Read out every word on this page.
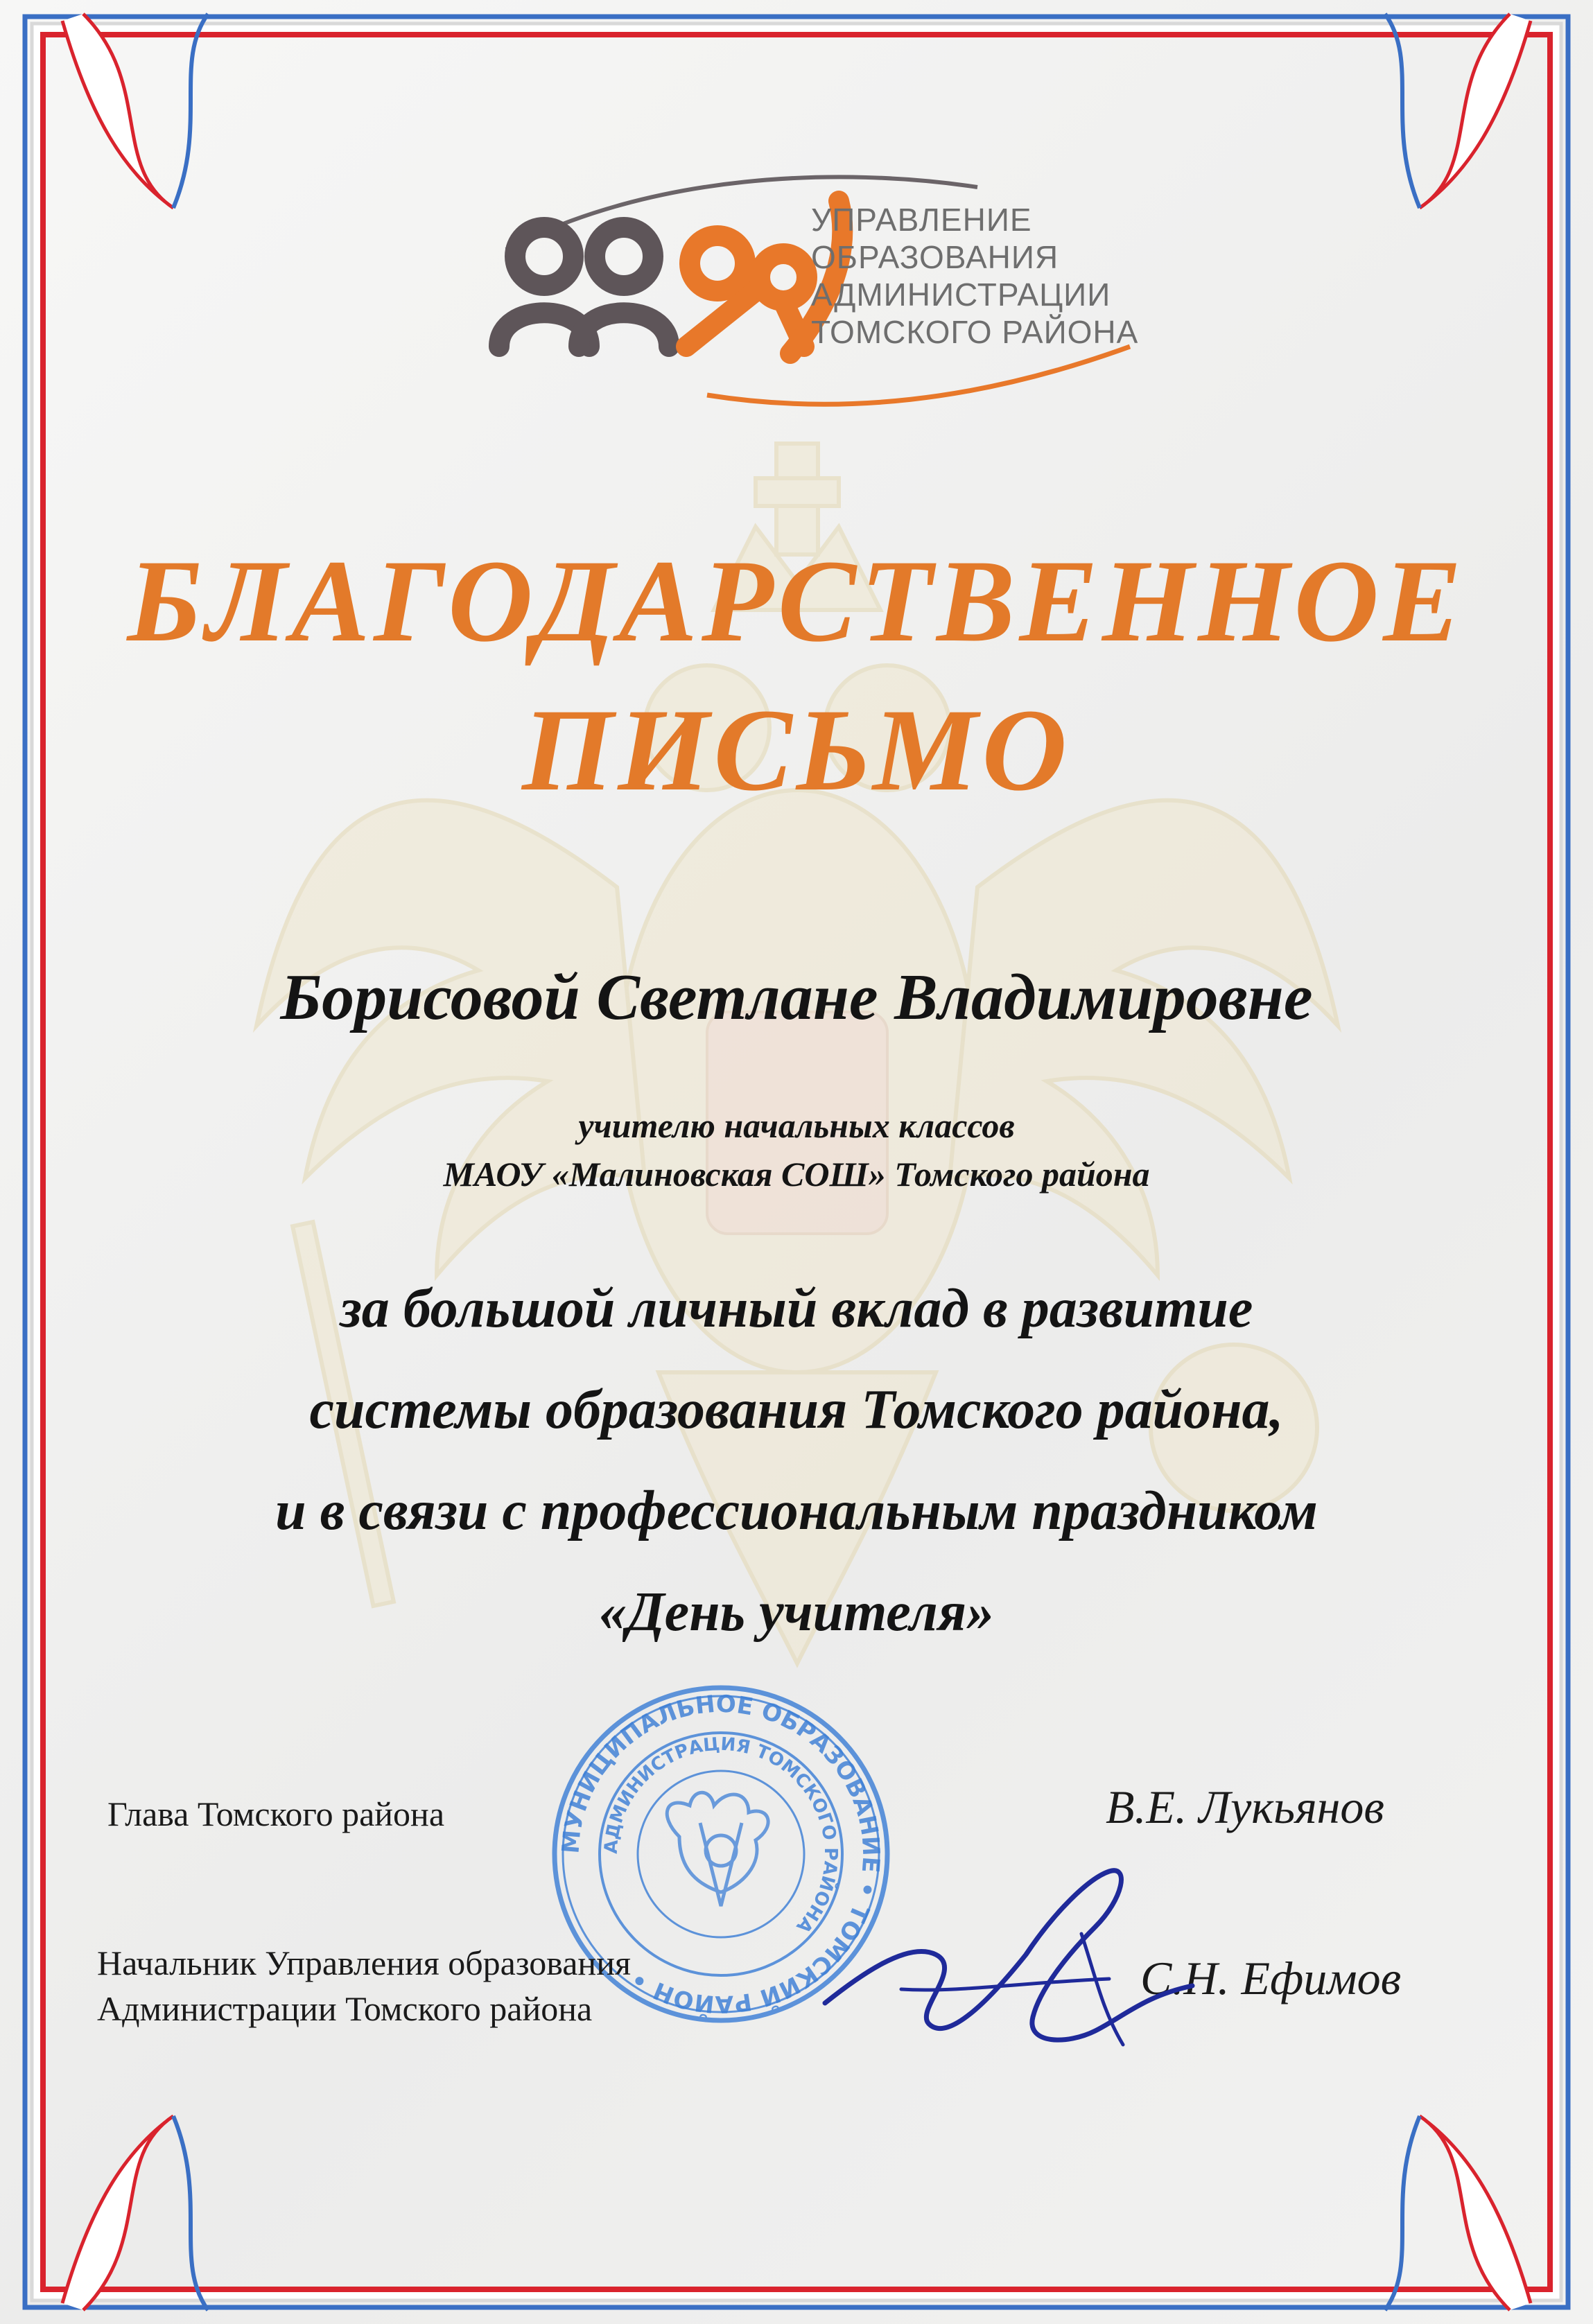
УПРАВЛЕНИЕ
ОБРАЗОВАНИЯ
АДМИНИСТРАЦИИ
ТОМСКОГО РАЙОНА
БЛАГОДАРСТВЕННОЕ
ПИСЬМО
Борисовой Светлане Владимировне
учителю начальных классов
МАОУ «Малиновская СОШ» Томского района
за большой личный вклад в развитие
системы образования Томского района,
и в связи с профессиональным праздником
«День учителя»
МУНИЦИПАЛЬНОЕ ОБРАЗОВАНИЕ • ТОМСКИЙ РАЙОН •
АДМИНИСТРАЦИЯ ТОМСКОГО РАЙОНА
Глава Томского района	В.Е. Лукьянов
Начальник Управления образования
Администрации Томского района
С.Н. Ефимов
